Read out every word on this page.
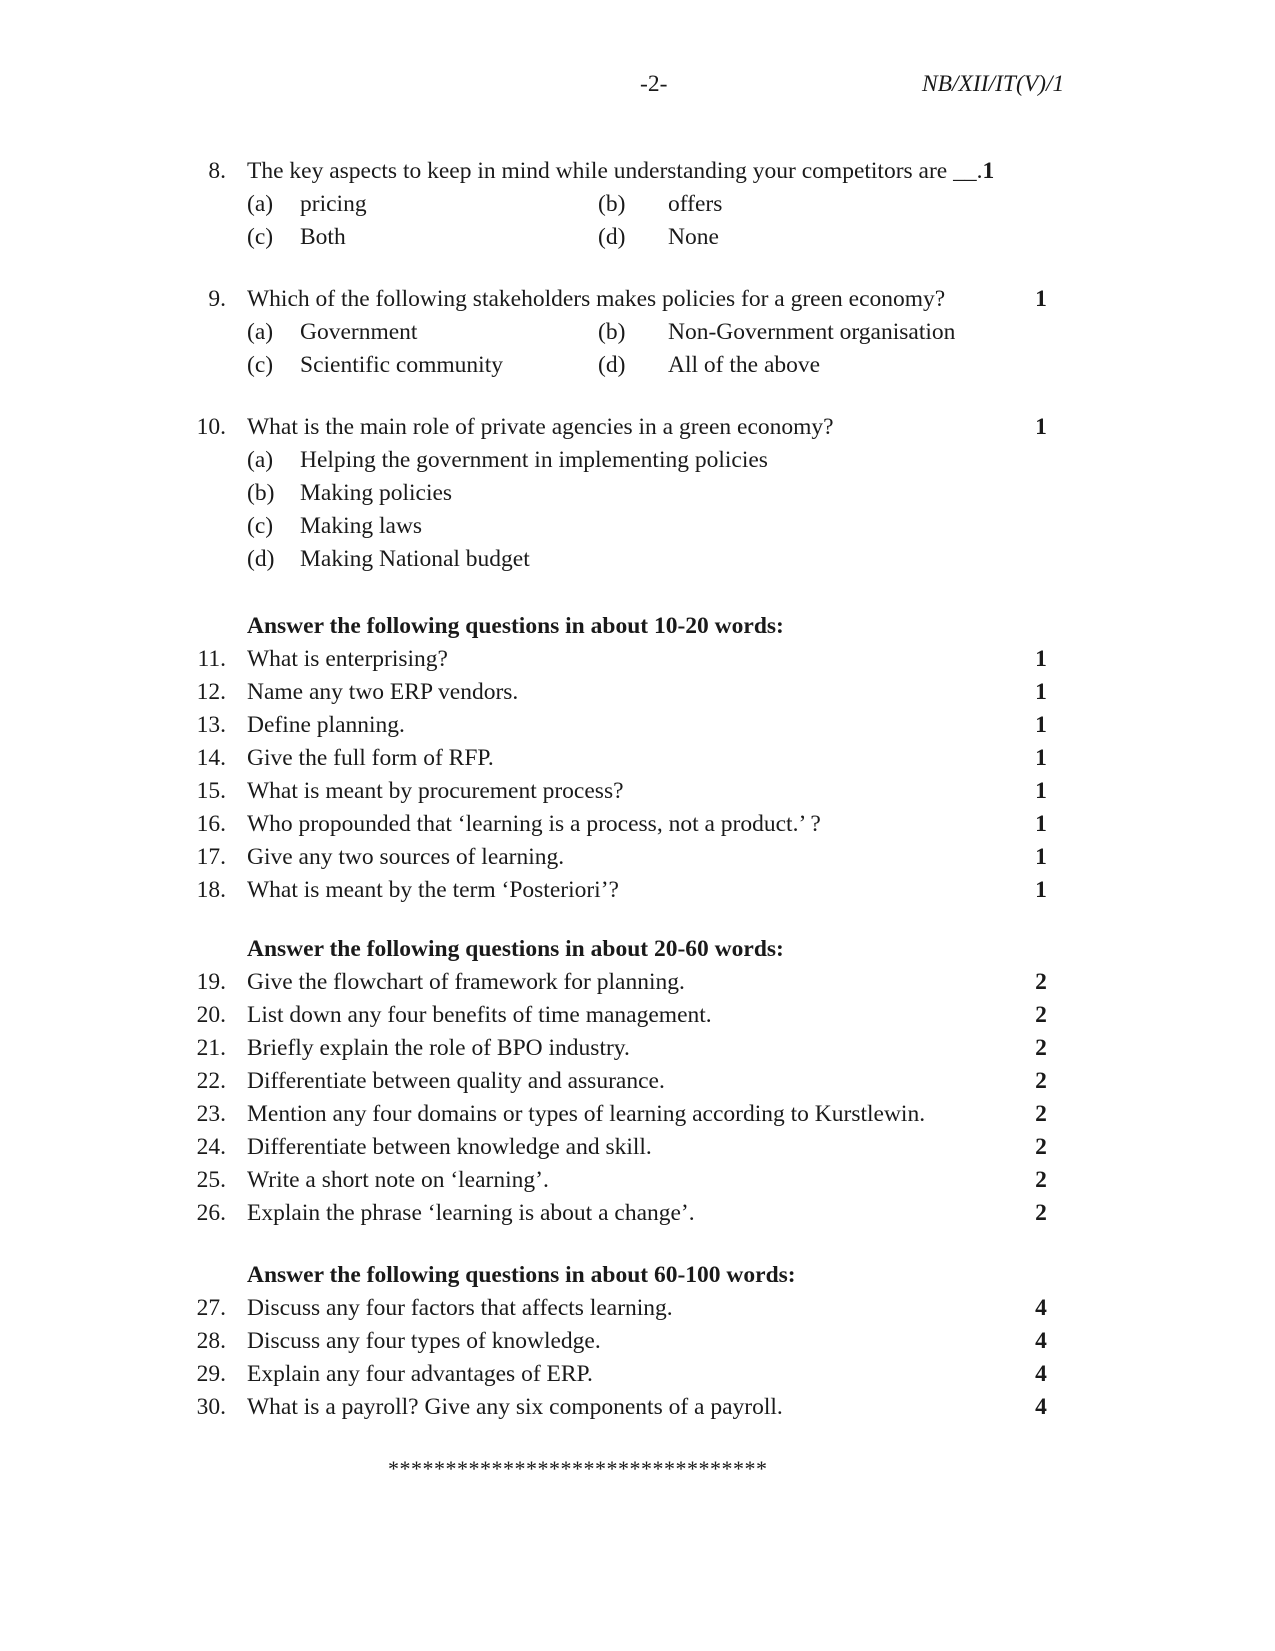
-2-	NB/XII/IT(V)/1
8. The key aspects to keep in mind while understanding your competitors are __.1
(a) pricing	(b) offers
(c) Both	(d) None
9. Which of the following stakeholders makes policies for a green economy?	1
(a) Government	(b) Non-Government organisation
(c) Scientific community	(d) All of the above
10. What is the main role of private agencies in a green economy?	1
(a) Helping the government in implementing policies
(b) Making policies
(c) Making laws
(d) Making National budget
Answer the following questions in about 10-20 words:
11. What is enterprising?	1
12. Name any two ERP vendors.	1
13. Define planning.	1
14. Give the full form of RFP.	1
15. What is meant by procurement process?	1
16. Who propounded that ‘learning is a process, not a product.’ ?	1
17. Give any two sources of learning.	1
18. What is meant by the term ‘Posteriori’?	1
Answer the following questions in about 20-60 words:
19. Give the flowchart of framework for planning.	2
20. List down any four benefits of time management.	2
21. Briefly explain the role of BPO industry.	2
22. Differentiate between quality and assurance.	2
23. Mention any four domains or types of learning according to Kurstlewin.	2
24. Differentiate between knowledge and skill.	2
25. Write a short note on ‘learning’.	2
26. Explain the phrase ‘learning is about a change’.	2
Answer the following questions in about 60-100 words:
27. Discuss any four factors that affects learning.	4
28. Discuss any four types of knowledge.	4
29. Explain any four advantages of ERP.	4
30. What is a payroll? Give any six components of a payroll.	4
*********************************
